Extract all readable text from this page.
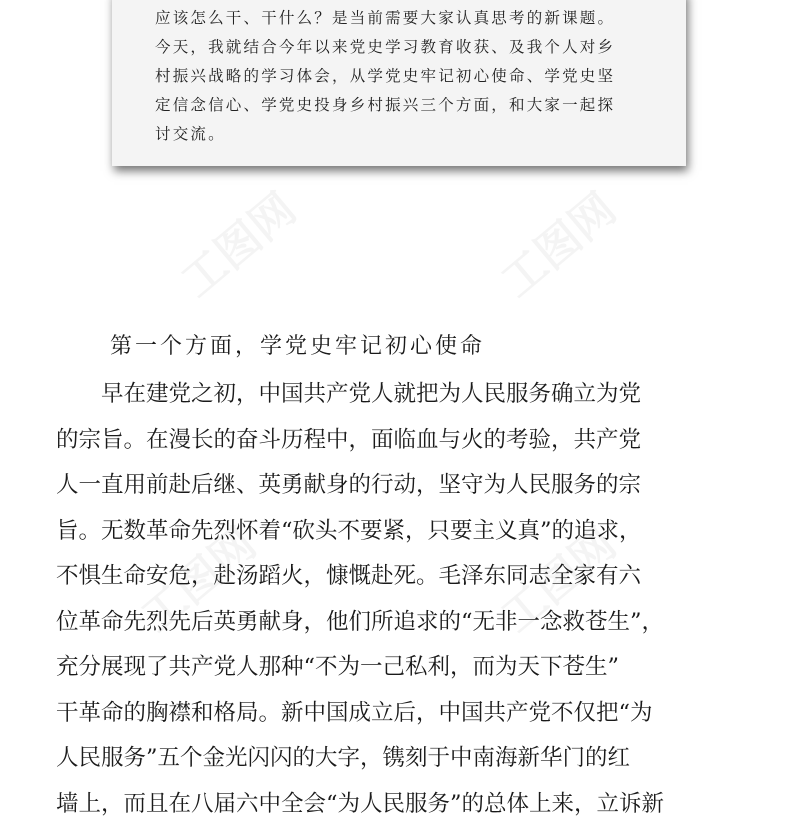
应该怎么干、干什么？是当前需要大家认真思考的新课题。
今天，我就结合今年以来党史学习教育收获、及我个人对乡
村振兴战略的学习体会，从学党史牢记初心使命、学党史坚
定信念信心、学党史投身乡村振兴三个方面，和大家一起探
讨交流。
第一个方面，学党史牢记初心使命
　　早在建党之初，中国共产党人就把为人民服务确立为党
的宗旨。在漫长的奋斗历程中，面临血与火的考验，共产党
人一直用前赴后继、英勇献身的行动，坚守为人民服务的宗
旨。无数革命先烈怀着“砍头不要紧，只要主义真”的追求，
不惧生命安危，赴汤蹈火，慷慨赴死。毛泽东同志全家有六
位革命先烈先后英勇献身，他们所追求的“无非一念救苍生”，
充分展现了共产党人那种“不为一己私利，而为天下苍生”
干革命的胸襟和格局。新中国成立后，中国共产党不仅把“为
人民服务”五个金光闪闪的大字，镌刻于中南海新华门的红
墙上，而且在八届六中全会“为人民服务”的总体上来，立诉新
